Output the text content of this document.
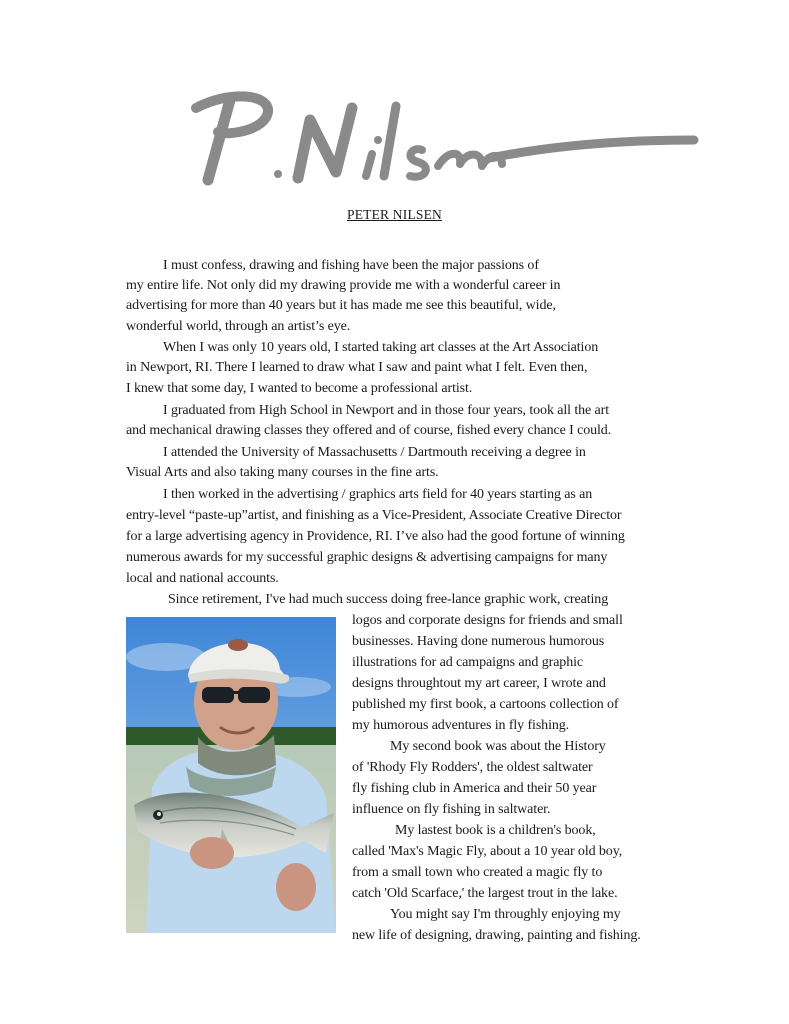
PETER NILSEN
I must confess, drawing and fishing have been the major passions of
my entire life. Not only did my drawing provide me with a wonderful career in
advertising for more than 40 years but it has made me see this beautiful, wide,
wonderful world, through an artist’s eye.
When I was only 10 years old, I started taking art classes at the Art Association
in Newport, RI. There I learned to draw what I saw and paint what I felt. Even then,
I knew that some day, I wanted to become a professional artist.
I graduated from High School in Newport and in those four years, took all the art
and mechanical drawing classes they offered and of course, fished every chance I could.
I attended the University of Massachusetts / Dartmouth receiving a degree in
Visual Arts and also taking many courses in the fine arts.
I then worked in the advertising / graphics arts field for 40 years starting as an
entry-level “paste-up”artist, and finishing as a Vice-President, Associate Creative Director
for a large advertising agency in Providence, RI. I’ve also had the good fortune of winning
numerous awards for my successful graphic designs & advertising campaigns for many
local and national accounts.
Since retirement, I've had much success doing free-lance graphic work, creating
logos and corporate designs for friends and small
businesses. Having done numerous humorous
illustrations for ad campaigns and graphic
designs throughtout my art career, I wrote and
published my first book, a cartoons collection of
my humorous adventures in fly fishing.
My second book was about the History
of 'Rhody Fly Rodders', the oldest saltwater
fly fishing club in America and their 50 year
influence on fly fishing in saltwater.
My lastest book is a children's book,
called 'Max's Magic Fly, about a 10 year old boy,
from a small town who created a magic fly to
catch 'Old Scarface,' the largest trout in the lake.
You might say I'm throughly enjoying my
new life of designing, drawing, painting and fishing.
